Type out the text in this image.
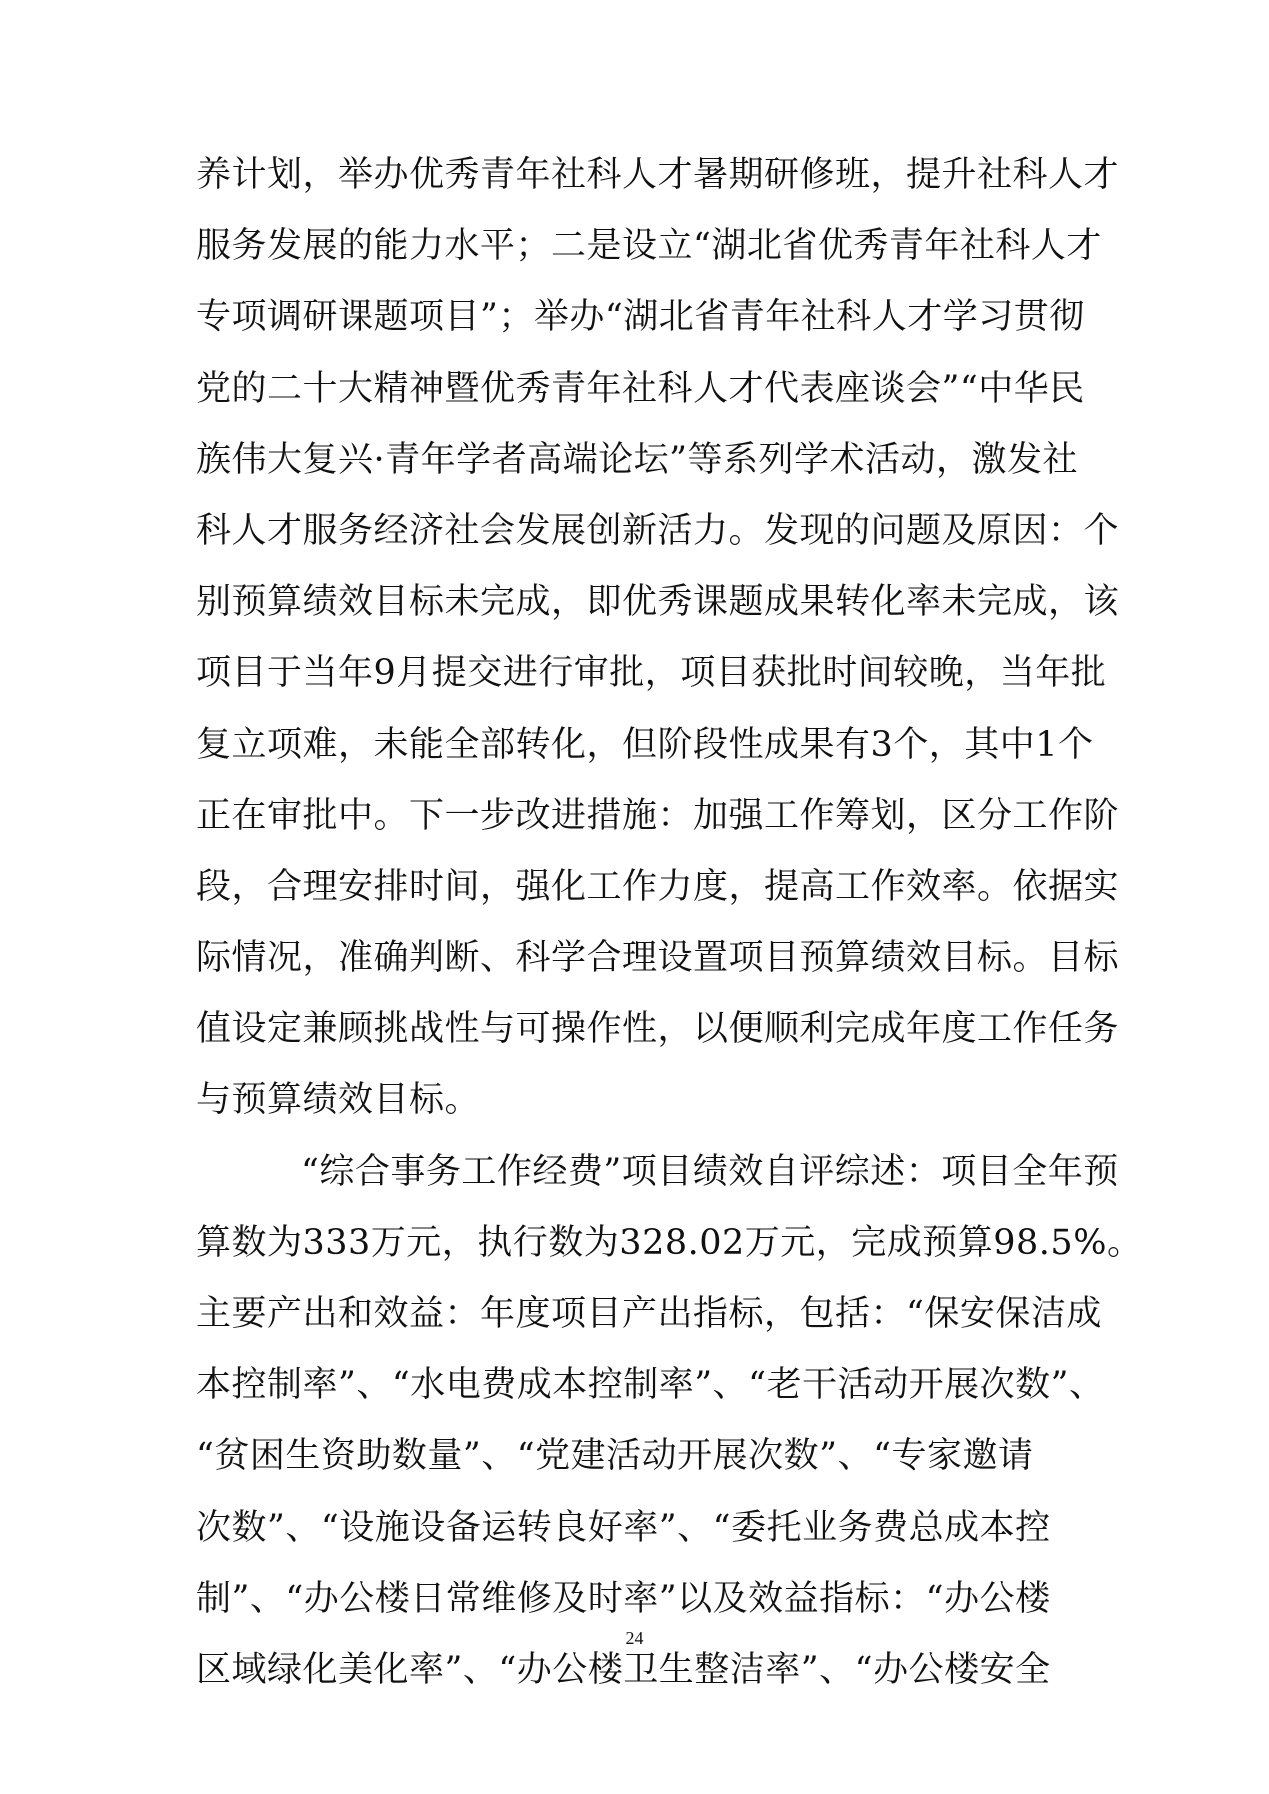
养计划，举办优秀青年社科人才暑期研修班，提升社科人才
服务发展的能力水平；二是设立“湖北省优秀青年社科人才
专项调研课题项目”；举办“湖北省青年社科人才学习贯彻
党的二十大精神暨优秀青年社科人才代表座谈会”“中华民
族伟大复兴·青年学者高端论坛”等系列学术活动，激发社
科人才服务经济社会发展创新活力。发现的问题及原因：个
别预算绩效目标未完成，即优秀课题成果转化率未完成，该
项目于当年9月提交进行审批，项目获批时间较晚，当年批
复立项难，未能全部转化，但阶段性成果有3个，其中1个
正在审批中。下一步改进措施：加强工作筹划，区分工作阶
段，合理安排时间，强化工作力度，提高工作效率。依据实
际情况，准确判断、科学合理设置项目预算绩效目标。目标
值设定兼顾挑战性与可操作性，以便顺利完成年度工作任务
与预算绩效目标。
“综合事务工作经费”项目绩效自评综述：项目全年预
算数为333万元，执行数为328.02万元，完成预算98.5%。
主要产出和效益：年度项目产出指标，包括：“保安保洁成
本控制率”、“水电费成本控制率”、“老干活动开展次数”、
“贫困生资助数量”、“党建活动开展次数”、“专家邀请
次数”、“设施设备运转良好率”、“委托业务费总成本控
制”、“办公楼日常维修及时率”以及效益指标：“办公楼
区域绿化美化率”、“办公楼卫生整洁率”、“办公楼安全
24
